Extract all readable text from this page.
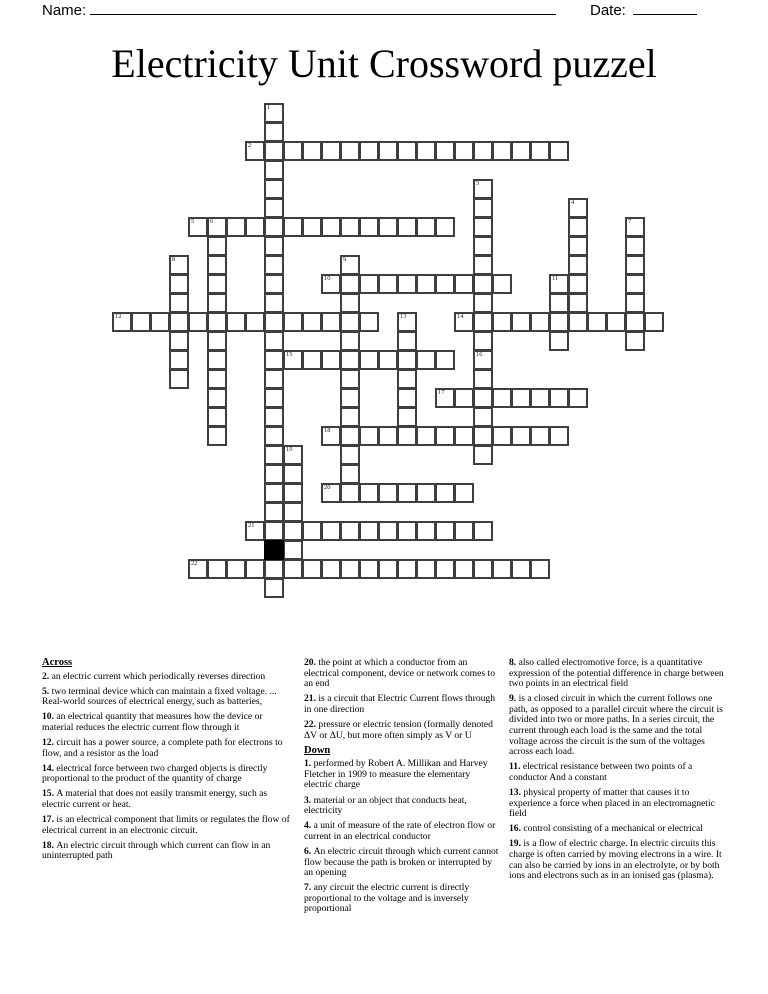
Name:	Date:
Electricity Unit Crossword puzzel
1
2
3
4
5 6	7
8	9
10	11
12	13	14
15	16
17
18
19
20
21
22

Across

2. an electric current which periodically reverses direction

5. two terminal device which can maintain a fixed voltage. ... Real-world sources of electrical energy, such as batteries,

10. an electrical quantity that measures how the device or material reduces the electric current flow through it

12. circuit has a power source, a complete path for electrons to flow, and a resistor as the load

14. electrical force between two charged objects is directly proportional to the product of the quantity of charge

15. A material that does not easily transmit energy, such as electric current or heat.

17. is an electrical component that limits or regulates the flow of electrical current in an electronic circuit.

18. An electric circuit through which current can flow in an uninterrupted path

20. the point at which a conductor from an electrical component, device or network comes to an end

21. is a circuit that Electric Current flows through in one direction

22. pressure or electric tension (formally denoted ΔV or ΔU, but more often simply as V or U

Down

1. performed by Robert A. Millikan and Harvey Fletcher in 1909 to measure the elementary electric charge

3. material or an object that conducts heat, electricity

4. a unit of measure of the rate of electron flow or current in an electrical conductor

6. An electric circuit through which current cannot flow because the path is broken or interrupted by an opening

7. any circuit the electric current is directly proportional to the voltage and is inversely proportional

8. also called electromotive force, is a quantitative expression of the potential difference in charge between two points in an electrical field

9. is a closed circuit in which the current follows one path, as opposed to a parallel circuit where the circuit is divided into two or more paths. In a series circuit, the current through each load is the same and the total voltage across the circuit is the sum of the voltages across each load.

11. electrical resistance between two points of a conductor And a constant

13. physical property of matter that causes it to experience a force when placed in an electromagnetic field

16. control consisting of a mechanical or electrical

19. is a flow of electric charge. In electric circuits this charge is often carried by moving electrons in a wire. It can also be carried by ions in an electrolyte, or by both ions and electrons such as in an ionised gas (plasma).
